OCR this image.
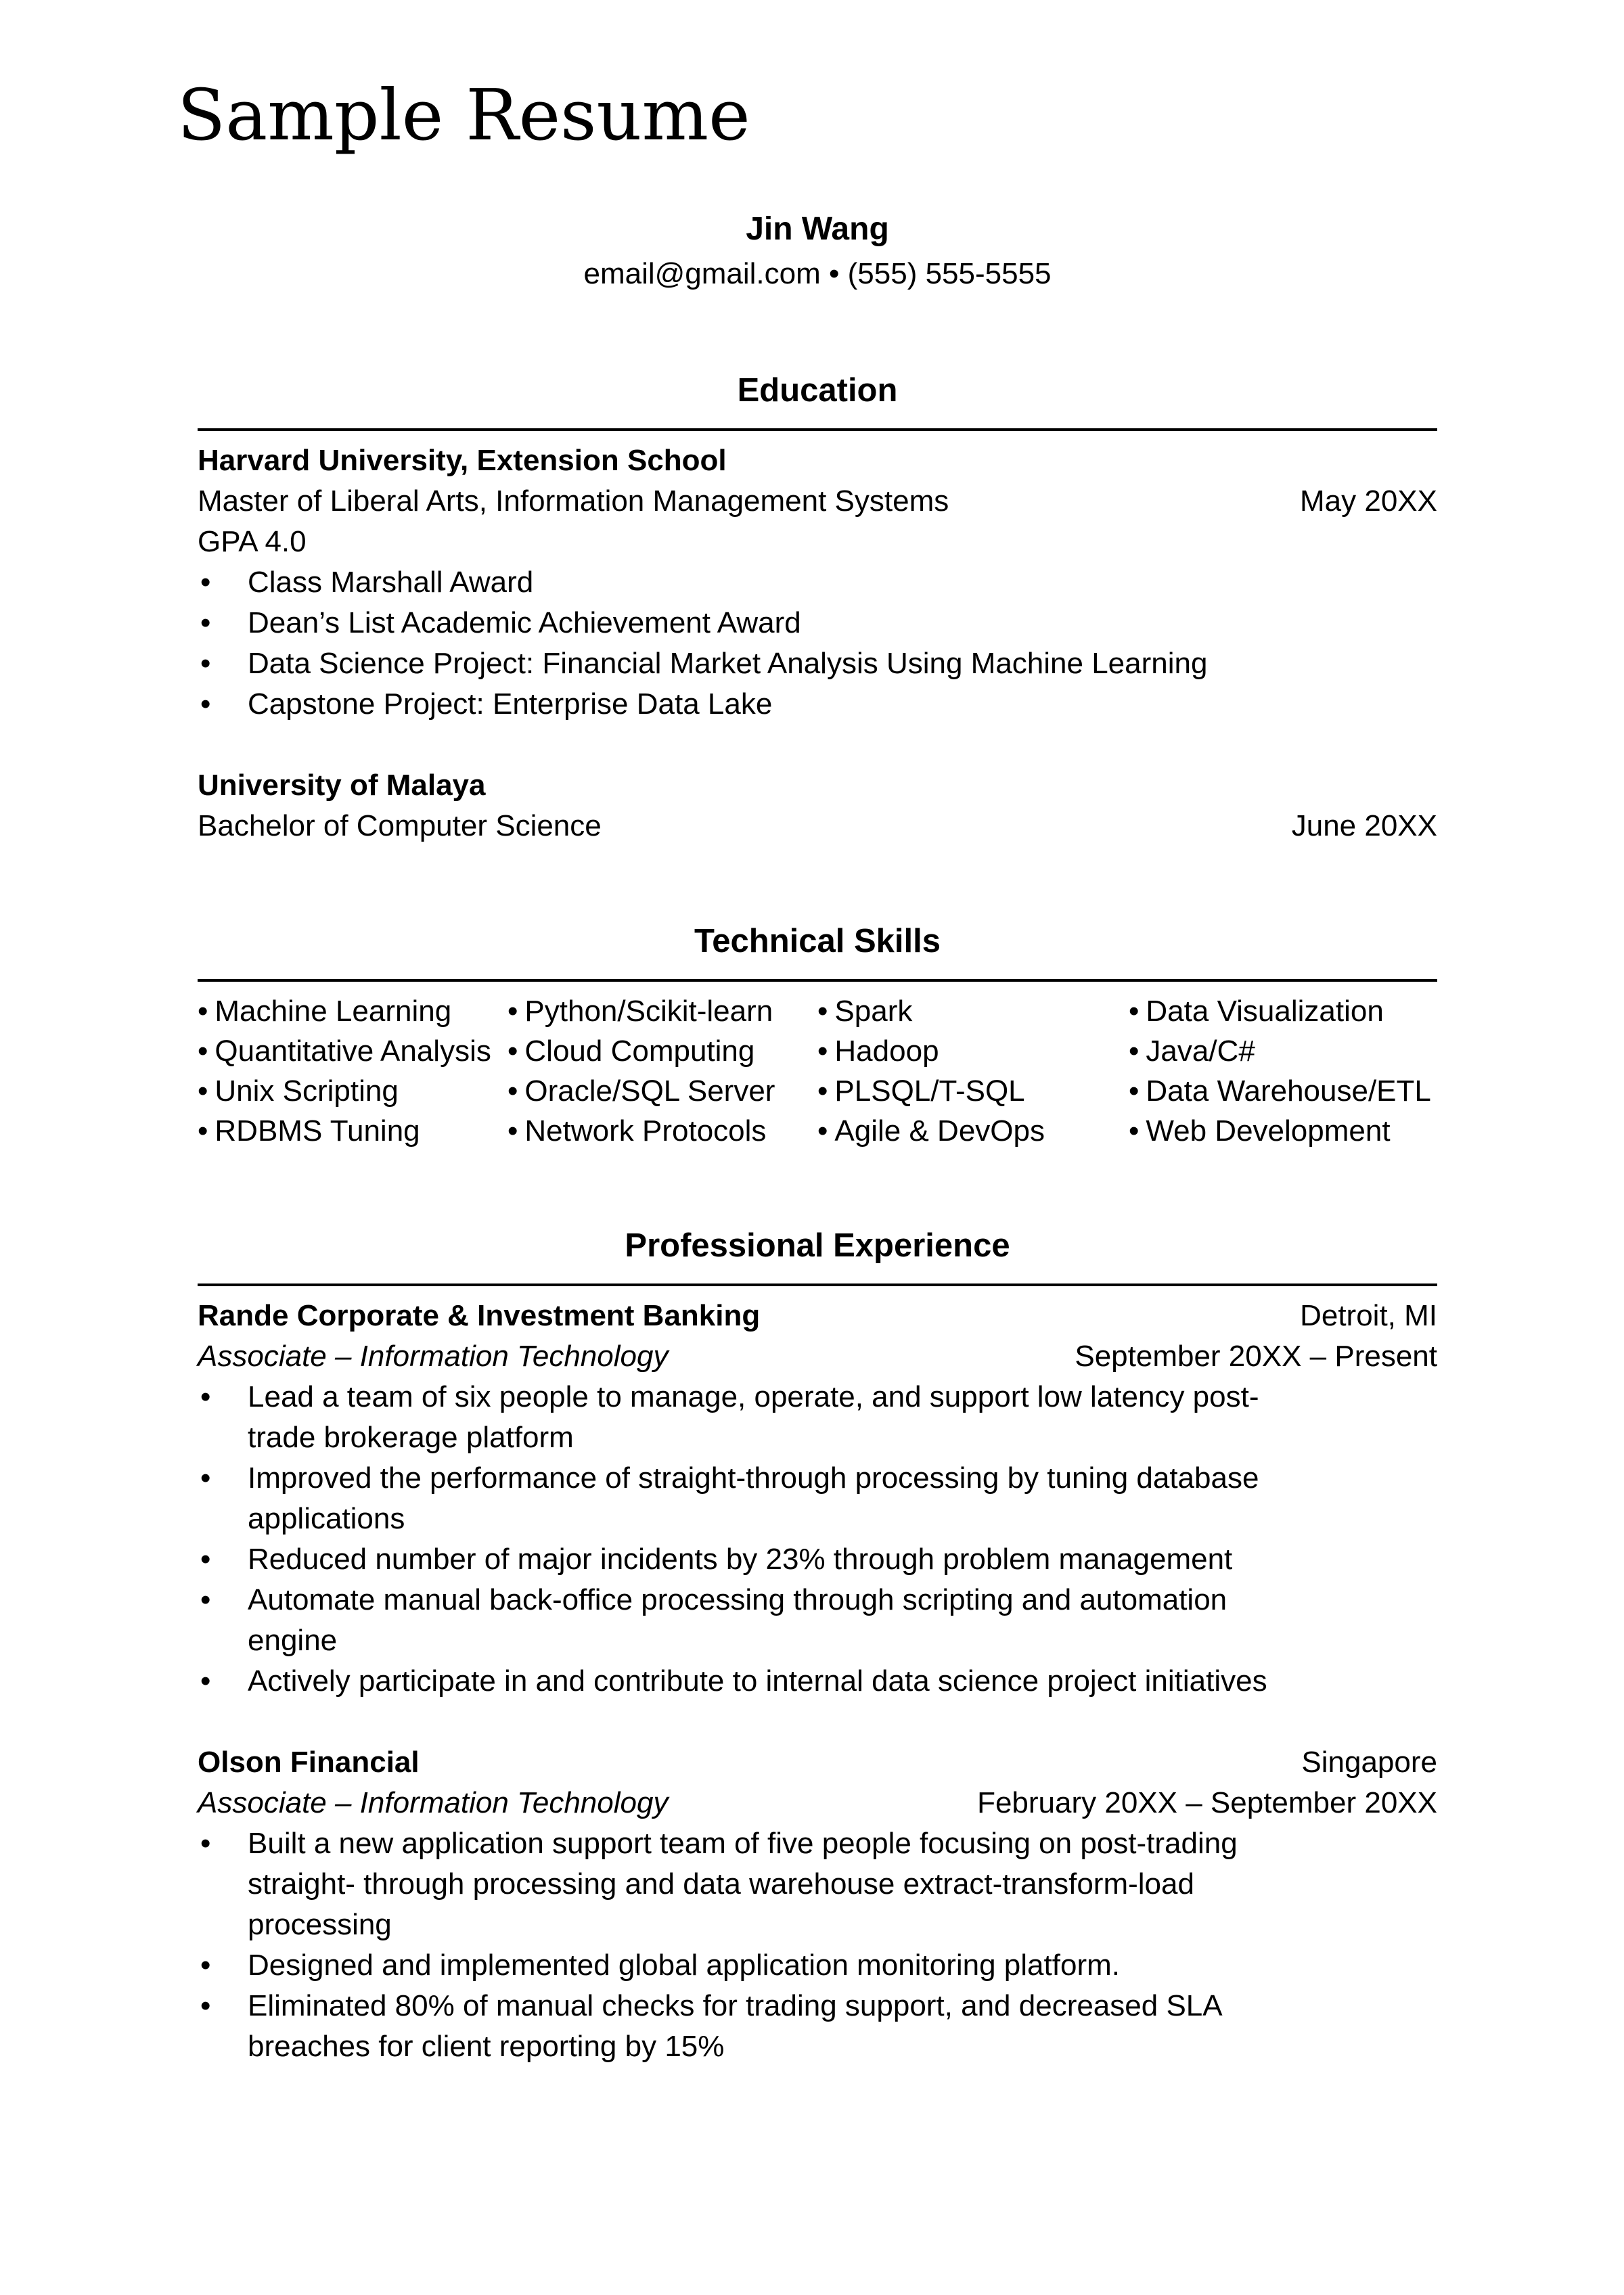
Sample Resume
Jin Wang
email@gmail.com • (555) 555-5555
Education
Harvard University, Extension School
Master of Liberal Arts, Information Management Systems	May 20XX
GPA 4.0
• Class Marshall Award
• Dean’s List Academic Achievement Award
• Data Science Project: Financial Market Analysis Using Machine Learning
• Capstone Project: Enterprise Data Lake
University of Malaya
Bachelor of Computer Science	June 20XX
Technical Skills
• Machine Learning	• Python/Scikit-learn	• Spark	• Data Visualization
• Quantitative Analysis • Cloud Computing	• Hadoop	• Java/C#
• Unix Scripting	• Oracle/SQL Server	• PLSQL/T-SQL	• Data Warehouse/ETL
• RDBMS Tuning	• Network Protocols	• Agile & DevOps	• Web Development
Professional Experience
Rande Corporate & Investment Banking	Detroit, MI
Associate – Information Technology	September 20XX – Present
• Lead a team of six people to manage, operate, and support low latency post-trade brokerage platform
• Improved the performance of straight-through processing by tuning database applications
• Reduced number of major incidents by 23% through problem management
• Automate manual back-office processing through scripting and automation engine
• Actively participate in and contribute to internal data science project initiatives
Olson Financial	Singapore
Associate – Information Technology	February 20XX – September 20XX
• Built a new application support team of five people focusing on post-trading straight- through processing and data warehouse extract-transform-load processing
• Designed and implemented global application monitoring platform.
• Eliminated 80% of manual checks for trading support, and decreased SLA breaches for client reporting by 15%
